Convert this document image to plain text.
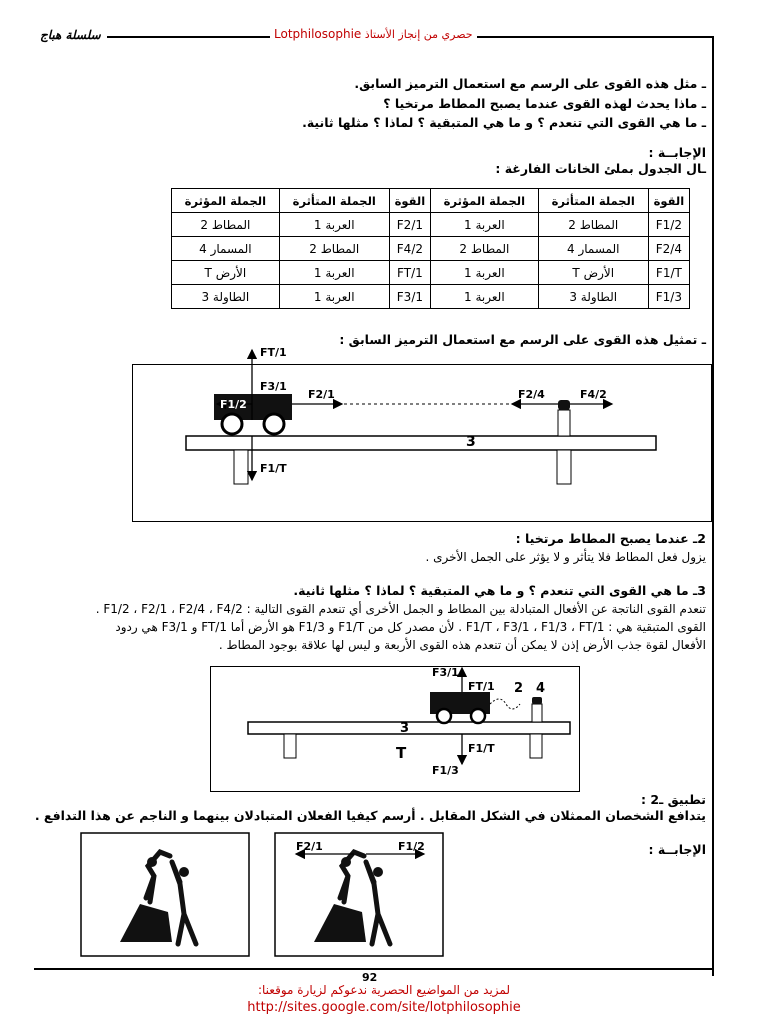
سلسلة هباج	Lotphilosophie حصري من إنجاز الأستاذ
ـ مثل هذه القوى على الرسم مع استعمال الترميز السابق.
ـ ماذا يحدث لهذه القوى عندما يصبح المطاط مرتخيا ؟
ـ ما هي القوى التي تنعدم ؟ و ما هي المتبقية ؟ لماذا ؟ مثلها ثانية.
الإجابــة :
ـال الجدول بملئ الخانات الفارغة :
القوة	الجملة المتأثرة	الجملة المؤثرة	القوة	الجملة المتأثرة	الجملة المؤثرة
F1/2	المطاط 2	العربة 1	F2/1	العربة 1	المطاط 2
F2/4	المسمار 4	المطاط 2	F4/2	المطاط 2	المسمار 4
F1/T	الأرض T	العربة 1	FT/1	العربة 1	الأرض T
F1/3	الطاولة 3	العربة 1	F3/1	العربة 1	الطاولة 3
ـ تمثيل هذه القوى على الرسم مع استعمال الترميز السابق :
FT/1
F3/1
F1/2
F2/1	F2/4	F4/2
F1/T
3
2ـ عندما يصبح المطاط مرتخيا :
يزول فعل المطاط فلا يتأثر و لا يؤثر على الجمل الأخرى .
3ـ ما هي القوى التي تنعدم ؟ و ما هي المتبقية ؟ لماذا ؟ مثلها ثانية.
تنعدم القوى الناتجة عن الأفعال المتبادلة بين المطاط و الجمل الأخرى أي تنعدم القوى التالية : F1/2 ، F2/1 ، F2/4 ، F4/2 .
القوى المتبقية هي : F1/T ، F3/1 ، F1/3 ، FT/1 . لأن مصدر كل من F1/T و F1/3 هو الأرض أما FT/1 و F3/1 هي ردود
الأفعال لقوة جذب الأرض إذن لا يمكن أن تنعدم هذه القوى الأربعة و ليس لها علاقة بوجود المطاط .
F3/1
FT/1 2 4
3
T	F1/T
F1/3
تطبيق ـ2 :
يتدافع الشخصان الممثلان في الشكل المقابل . أرسم كيفيا الفعلان المتبادلان بينهما و الناجم عن هذا التدافع .
الإجابــة :
F2/1	F1/2
92
لمزيد من المواضيع الحصرية ندعوكم لزيارة موقعنا:
http://sites.google.com/site/lotphilosophie
